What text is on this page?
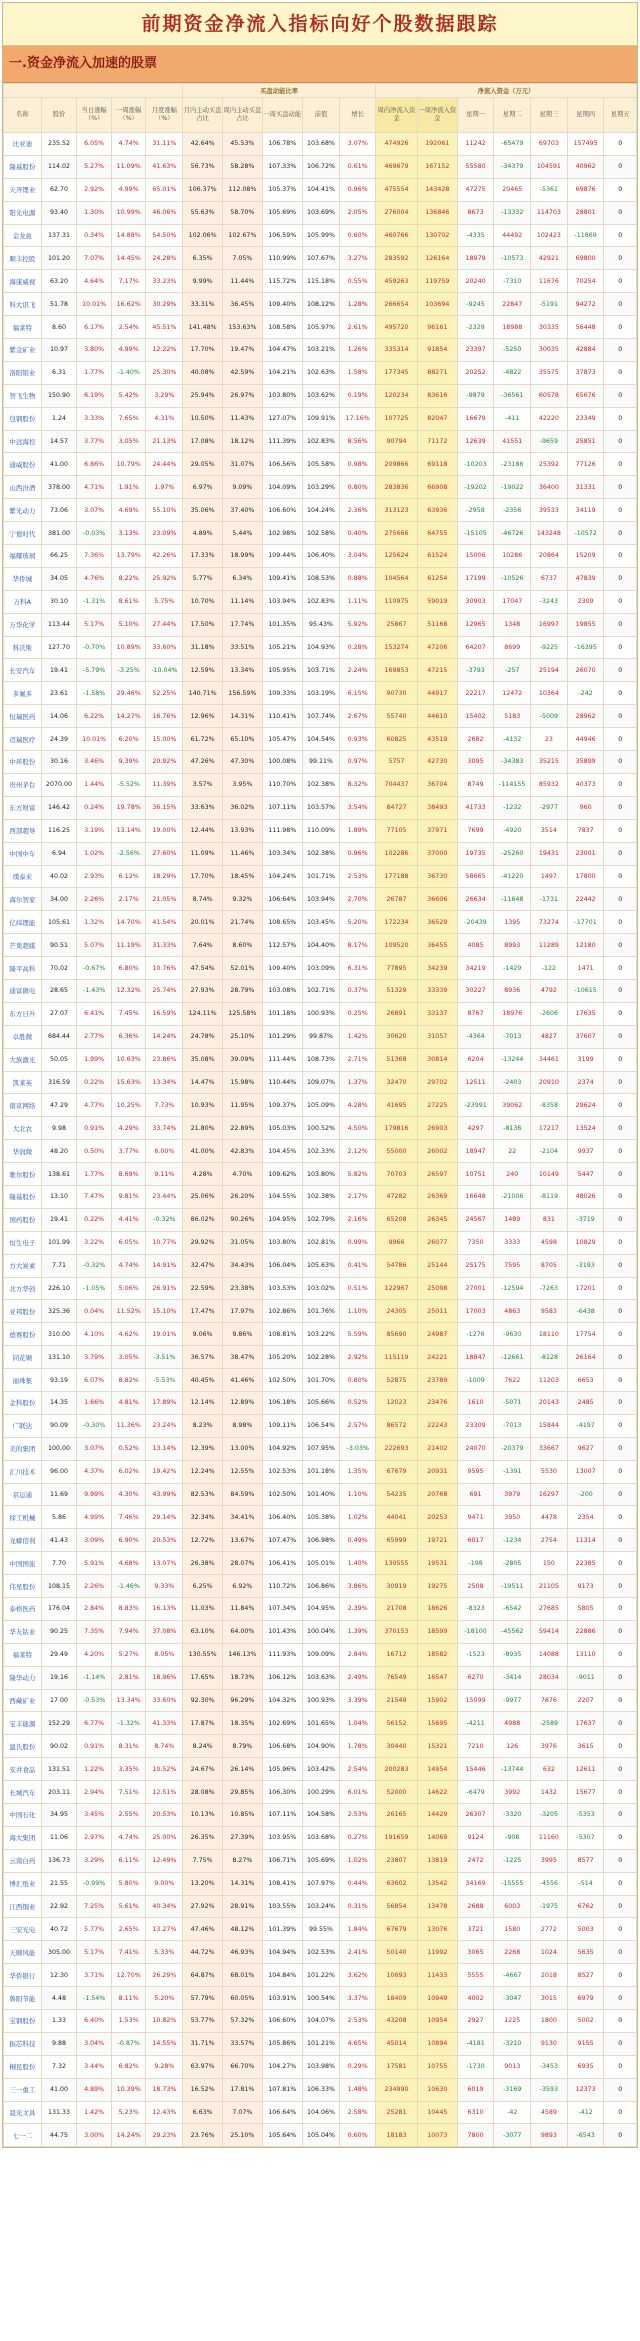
前期资金净流入指标向好个股数据跟踪
一.资金净流入加速的股票
					买盘动能比率					净流入资金（万元）						
名称	股价	当日涨幅（%）	一周涨幅（%）	月度涨幅（%）	月内主动买盘占比	周内主动买盘占比	一周买盘动能	前值	增长	周内净流入资金	一周净流入资金	星期一	星期二	星期三	星期四	星期五
比亚迪	235.52	6.05%	4.74%	31.11%	42.64%	45.53%	106.78%	103.68%	3.07%	474926	192061	11242	-65479	69703	157495	0
隆基股份	114.02	5.27%	11.09%	41.63%	56.73%	58.28%	107.33%	106.72%	0.61%	469679	167152	55580	-34379	104591	40962	0
天齐锂业	62.70	2.92%	4.99%	65.01%	106.37%	112.08%	105.37%	104.41%	0.96%	475554	143428	47275	20465	-5361	69876	0
阳光电源	93.40	1.30%	10.99%	46.06%	55.63%	58.70%	105.69%	103.69%	2.05%	276004	136846	8673	-13332	114703	28801	0
金龙鱼	137.31	0.34%	14.88%	54.50%	102.06%	102.67%	106.59%	105.99%	0.60%	460766	130702	-4335	44492	102423	-11869	0
顺丰控股	101.20	7.07%	14.45%	24.28%	6.35%	7.05%	110.99%	107.67%	3.27%	283592	126164	18979	-10573	42921	69800	0
海康威视	63.20	4.64%	7.17%	33.23%	9.99%	11.44%	115.72%	115.18%	0.55%	459263	119759	20240	-7310	11676	70254	0
科大讯飞	51.78	10.01%	16.62%	30.29%	33.31%	36.45%	109.40%	108.12%	1.28%	266654	103694	-9245	22847	-5191	94272	0
福莱特	8.60	6.17%	2.54%	45.51%	141.48%	153.63%	108.58%	105.97%	2.61%	495720	96161	-2329	18988	30335	56448	0
紫金矿业	10.97	3.80%	4.99%	12.22%	17.70%	19.47%	104.47%	103.21%	1.26%	335314	91854	23397	-5250	30035	42884	0
洛阳钼业	6.31	1.77%	-1.40%	25.30%	40.08%	42.59%	104.21%	102.63%	1.58%	177345	88271	20252	-4822	35575	37873	0
智飞生物	150.90	6.19%	5.42%	3.29%	25.94%	26.97%	103.80%	103.62%	0.19%	120234	83616	-9879	-36561	60578	65676	0
包钢股份	1.24	3.33%	7.65%	4.31%	10.50%	11.43%	127.07%	109.91%	17.16%	107725	82047	16679	-411	42220	23349	0
中远海控	14.57	3.77%	3.05%	21.13%	17.08%	18.12%	111.39%	102.83%	8.56%	90794	71172	12639	41551	-9659	25851	0
通威股份	41.00	6.86%	10.79%	24.44%	29.05%	31.07%	106.56%	105.58%	0.98%	209866	69118	-10203	-23186	25392	77126	0
山西汾酒	378.00	4.71%	1.91%	1.97%	6.97%	9.09%	104.09%	103.29%	0.80%	283836	66908	-19202	-19022	36400	31331	0
紫光动力	73.06	3.07%	4.69%	55.10%	35.06%	37.40%	106.60%	104.24%	2.36%	313123	63936	-2958	-2356	39533	34119	0
宁德时代	381.00	-0.03%	3.13%	23.09%	4.89%	5.44%	102.98%	102.58%	0.40%	275666	64755	-15105	-46726	143248	-10572	0
福耀玻璃	66.25	7.36%	13.79%	42.26%	17.33%	18.99%	109.44%	106.40%	3.04%	125624	61524	15006	10286	20864	15209	0
华侨城	34.05	4.76%	8.22%	25.92%	5.77%	6.34%	109.41%	108.53%	0.88%	104564	61254	17199	-10526	6737	47839	0
万科A	30.10	-1.31%	8.61%	5.75%	10.70%	11.14%	103.94%	102.83%	1.11%	110975	59019	30903	17047	-3243	2309	0
万华化学	113.44	5.17%	5.10%	27.44%	17.50%	17.74%	101.35%	95.43%	5.92%	25867	51168	12965	1348	16997	19855	0
科沃斯	127.70	-0.70%	10.89%	33.60%	31.18%	33.51%	105.21%	104.93%	0.28%	153274	47206	64207	8699	-9225	-16395	0
长安汽车	19.41	-5.79%	-3.25%	-10.04%	12.59%	13.34%	105.95%	103.71%	2.24%	169853	47215	-3793	-257	25194	26070	0
多氟多	23.61	-1.58%	29.46%	52.25%	140.71%	156.59%	109.33%	103.19%	6.15%	90730	44917	22217	12472	10364	-242	0
恒瑞医药	14.06	6.22%	14.27%	16.76%	12.96%	14.31%	110.41%	107.74%	2.67%	55740	44610	15402	5183	-5009	28962	0
迈瑞医疗	24.39	10.01%	6.20%	15.00%	61.72%	65.10%	105.47%	104.54%	0.93%	60825	43519	2682	-4132	23	44946	0
中环股份	30.16	3.46%	9.39%	20.92%	47.26%	47.30%	100.08%	99.11%	0.97%	5757	42730	3095	-34383	35215	35899	0
贵州茅台	2070.00	1.44%	-5.52%	11.39%	3.57%	3.95%	110.70%	102.38%	8.32%	704437	36704	8749	-114155	85932	40373	0
东方财富	146.42	0.24%	19.78%	36.15%	33.63%	36.02%	107.11%	103.57%	3.54%	84727	38493	41733	-1232	-2977	960	0
西部超导	116.25	3.19%	13.14%	19.00%	12.44%	13.93%	111.98%	110.09%	1.89%	77105	37971	7699	-4920	3514	7837	0
中国中车	6.94	1.02%	-2.56%	27.60%	11.09%	11.46%	103.34%	102.38%	0.96%	102286	37000	19735	-25260	19431	23001	0
璞泰来	40.02	2.93%	6.12%	18.29%	17.70%	18.45%	104.24%	101.71%	2.53%	177188	36730	58665	-41220	1497	17800	0
海尔智家	34.00	2.26%	2.17%	21.05%	8.74%	9.32%	106.64%	103.94%	2.70%	26787	36606	26634	-11648	-1731	22442	0
亿纬锂能	105.61	1.32%	14.70%	41.54%	20.01%	21.74%	108.65%	103.45%	5.20%	172234	36529	-20439	1395	73274	-17701	0
芒果超媒	90.51	5.07%	11.19%	31.33%	7.64%	8.60%	112.57%	104.40%	8.17%	109520	36455	4085	8993	11289	12180	0
隆平高科	70.02	-0.67%	6.80%	10.76%	47.54%	52.01%	109.40%	103.09%	6.31%	77895	34239	34219	-1429	-122	1471	0
通富微电	28.65	-1.43%	12.32%	25.74%	27.93%	28.79%	103.08%	102.71%	0.37%	51329	33339	30227	8936	4792	-10615	0
东方日升	27.07	6.41%	7.45%	16.59%	124.11%	125.58%	101.18%	100.93%	0.25%	26891	33137	8767	18976	-2606	17635	0
卓胜微	684.44	2.77%	6.36%	14.24%	24.78%	25.10%	101.29%	99.87%	1.42%	30620	31057	-4364	-7013	4827	37607	0
大族激光	50.05	1.99%	10.63%	23.86%	35.08%	39.09%	111.44%	108.73%	2.71%	51368	30814	6204	-13244	34461	3199	0
凯莱英	316.59	0.22%	15.63%	13.34%	14.47%	15.98%	110.44%	109.07%	1.37%	32470	29702	12511	-2403	20910	2374	0
南京网络	47.29	4.77%	10.25%	7.73%	10.93%	11.95%	109.37%	105.09%	4.28%	41695	27225	-23991	39062	-8358	29624	0
大北农	9.98	0.91%	4.29%	33.74%	21.80%	22.89%	105.03%	100.52%	4.50%	179816	26903	4297	-8136	17217	13524	0
华润微	48.20	0.50%	3.77%	6.00%	41.00%	42.83%	104.45%	102.33%	2.12%	55000	26002	18947	22	-2104	9937	0
歌尔股份	138.61	1.77%	8.69%	9.11%	4.28%	4.70%	109.62%	103.80%	5.82%	70703	26597	10751	240	10149	5447	0
隆基股份	13.10	7.47%	9.81%	23.44%	25.06%	26.20%	104.55%	102.38%	2.17%	47282	26369	16648	-21006	-8119	48026	0
国药股份	19.41	0.22%	4.41%	-0.32%	86.02%	90.26%	104.95%	102.79%	2.16%	65208	26345	24567	1489	831	-3719	0
恒生电子	101.99	3.22%	6.05%	10.77%	29.92%	31.05%	103.80%	102.81%	0.99%	9966	26077	7350	3333	4598	10829	0
方大炭素	7.71	-0.32%	4.74%	14.91%	32.47%	34.43%	106.04%	105.63%	0.41%	54786	25144	25175	7595	8705	-3193	0
北方华创	226.10	-1.05%	5.06%	26.91%	22.59%	23.38%	103.53%	103.02%	0.51%	122967	25098	27001	-12594	-7263	17201	0
亚邦股份	325.36	0.04%	11.52%	15.10%	17.47%	17.97%	102.86%	101.76%	1.10%	24305	25011	17003	4863	9583	-6438	0
德赛股份	310.00	4.10%	4.62%	19.01%	9.06%	9.86%	108.81%	103.22%	5.59%	85690	24987	-1276	-9630	18110	17754	0
同花顺	131.10	3.79%	3.05%	-3.51%	36.57%	38.47%	105.20%	102.28%	2.92%	115119	24221	18847	-12661	-8128	26164	0
丽珠集	93.19	6.07%	8.82%	-5.53%	40.45%	41.46%	102.50%	101.70%	0.80%	52875	23789	-1009	7622	11203	6653	0
金科股份	14.35	1.66%	4.81%	17.89%	12.14%	12.89%	106.18%	105.66%	0.52%	12023	23476	1610	-5071	20143	2485	0
广联达	90.09	-0.30%	11.36%	23.24%	8.23%	8.98%	109.11%	106.54%	2.57%	86572	22243	23309	-7013	15844	-4197	0
美的集团	100.00	3.07%	0.52%	13.14%	12.39%	13.00%	104.92%	107.95%	-3.03%	222693	21402	24070	-20379	33667	9627	0
汇川技术	96.00	4.37%	6.02%	19.42%	12.24%	12.55%	102.53%	101.18%	1.35%	67679	20931	9595	-1391	5530	13007	0
京运通	11.69	9.99%	4.30%	43.99%	82.53%	84.59%	102.50%	101.40%	1.10%	54235	20768	691	3979	16297	-200	0
徐工机械	5.86	4.99%	7.46%	29.14%	32.34%	34.41%	106.40%	105.38%	1.02%	44041	20253	9471	3950	4478	2354	0
龙蟒佰利	41.43	3.09%	6.90%	20.53%	12.72%	13.67%	107.47%	106.98%	0.49%	65999	19721	6017	-1234	2754	11314	0
中国国旅	7.70	5.91%	4.68%	13.07%	26.38%	28.07%	106.41%	105.01%	1.40%	130555	19531	-198	-2805	150	22385	0
伟星股份	108.15	2.26%	-1.46%	9.33%	6.25%	6.92%	110.72%	106.86%	3.86%	30919	19275	2508	-19511	21105	9173	0
泰格医药	176.04	2.84%	8.83%	16.13%	11.03%	11.84%	107.34%	104.95%	2.39%	21708	18626	-8323	-6542	27685	5805	0
华友钴业	90.25	7.35%	7.94%	37.08%	63.10%	64.00%	101.43%	100.04%	1.39%	370153	18599	-18100	-45562	59414	22886	0
福莱特	29.49	4.20%	5.27%	8.05%	130.55%	146.13%	111.93%	109.09%	2.84%	16712	18582	-1523	-8935	14088	13110	0
隆华动力	19.16	-1.14%	2.81%	18.96%	17.65%	18.73%	106.12%	103.63%	2.49%	76549	16547	6270	-3414	28034	-9011	0
西藏矿业	17.00	-0.53%	13.34%	33.60%	92.30%	96.29%	104.32%	100.93%	3.39%	21549	15902	15099	-9977	7876	2207	0
宝丰能源	152.29	6.77%	-1.32%	41.33%	17.87%	18.35%	102.69%	101.65%	1.04%	56152	15695	-4211	4988	-2589	17637	0
温氏股份	90.02	0.91%	8.31%	8.74%	8.24%	8.79%	106.68%	104.90%	1.78%	30440	15321	7210	126	3976	3615	0
安井食品	131.51	1.22%	3.35%	10.52%	24.67%	26.14%	105.96%	103.42%	2.54%	200283	14954	15446	-13744	632	12611	0
长城汽车	203.11	2.94%	7.51%	12.51%	28.08%	29.85%	106.30%	100.29%	6.01%	52000	14622	-6479	3992	1432	15677	0
中国石化	34.95	3.45%	2.55%	20.53%	10.13%	10.85%	107.11%	104.58%	2.53%	26165	14429	26307	-3320	-3205	-5353	0
海大集团	11.06	2.97%	4.74%	25.00%	26.35%	27.39%	103.95%	103.68%	0.27%	191659	14069	9124	-908	11160	-5307	0
云南白药	136.73	3.29%	6.11%	12.49%	7.75%	8.27%	106.71%	105.69%	1.02%	23807	13819	2472	-1225	3995	8577	0
博汇纸业	21.55	-0.99%	5.80%	9.00%	13.20%	14.31%	108.41%	107.97%	0.44%	63602	13542	34169	-15555	-4556	-514	0
江西铜业	22.92	7.25%	5.61%	40.34%	27.92%	28.91%	103.55%	103.24%	0.31%	56854	13478	2688	6003	-1975	6762	0
三安光电	40.72	5.77%	2.65%	13.27%	47.46%	48.12%	101.39%	99.55%	1.84%	67679	13076	3721	1580	2772	5003	0
天顺风能	305.00	5.17%	7.41%	5.33%	44.72%	46.93%	104.94%	102.53%	2.41%	50140	11992	3065	2268	1024	5635	0
华侨银行	12.30	3.71%	12.70%	26.29%	64.87%	68.01%	104.84%	101.22%	3.62%	10693	11433	5555	-4667	2018	8527	0
鲁阳节能	4.48	-1.54%	8.11%	5.20%	57.79%	60.05%	103.91%	100.54%	3.37%	18409	10949	4002	-3047	3015	6979	0
宝钢股份	1.33	6.40%	1.53%	10.82%	53.77%	57.32%	106.60%	104.07%	2.53%	43208	10954	2927	1225	1800	5002	0
振芯科技	9.88	3.04%	-0.87%	14.55%	31.71%	33.57%	105.86%	101.21%	4.65%	45014	10894	-4181	-3210	9130	9155	0
桐昆股份	7.32	3.44%	6.82%	9.28%	63.97%	66.70%	104.27%	103.98%	0.29%	17581	10755	-1730	9013	-3453	6935	0
三一重工	41.00	4.89%	10.39%	18.73%	16.52%	17.81%	107.81%	106.33%	1.48%	234990	10630	6019	-3169	-3593	12373	0
晨光文具	131.33	1.42%	5.23%	12.43%	6.63%	7.07%	106.64%	104.06%	2.58%	25281	10445	6310	-42	4589	-412	0
七一二	44.75	3.00%	14.24%	29.23%	23.76%	25.10%	105.64%	105.04%	0.60%	18183	10073	7800	-3077	9893	-6543	0
